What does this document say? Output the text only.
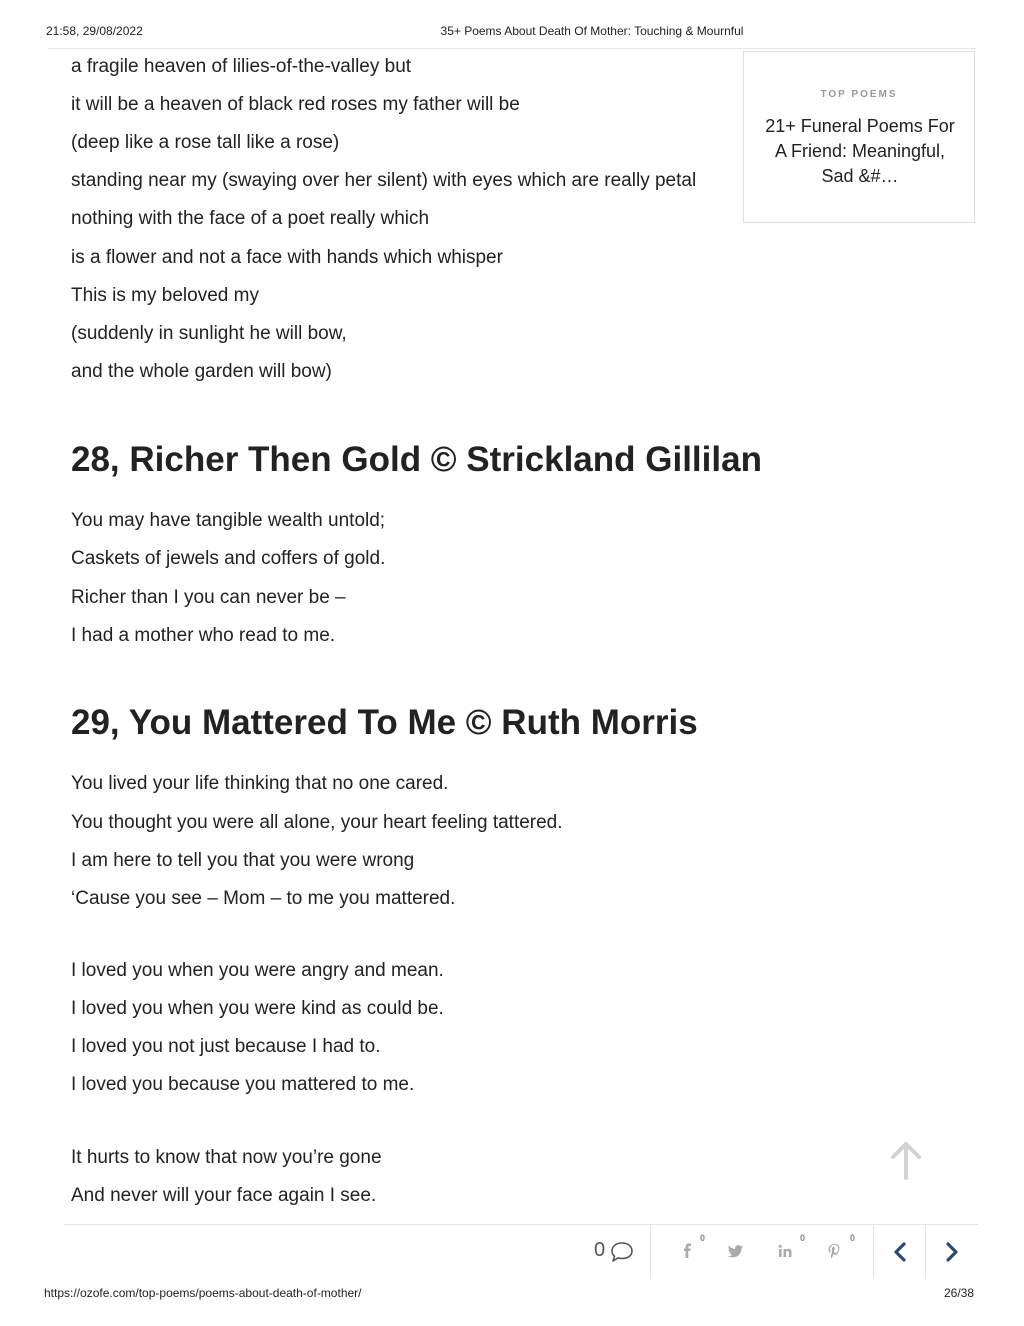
21:58, 29/08/2022	35+ Poems About Death Of Mother: Touching & Mournful
a fragile heaven of lilies-of-the-valley but
it will be a heaven of black red roses my father will be
(deep like a rose tall like a rose)
standing near my (swaying over her silent) with eyes which are really petal
nothing with the face of a poet really which
is a flower and not a face with hands which whisper
This is my beloved my
(suddenly in sunlight he will bow,
and the whole garden will bow)
TOP POEMS
21+ Funeral Poems For A Friend: Meaningful, Sad &#…
28, Richer Then Gold © Strickland Gillilan
You may have tangible wealth untold;
Caskets of jewels and coffers of gold.
Richer than I you can never be –
I had a mother who read to me.
29, You Mattered To Me © Ruth Morris
You lived your life thinking that no one cared.
You thought you were all alone, your heart feeling tattered.
I am here to tell you that you were wrong
‘Cause you see – Mom – to me you mattered.
I loved you when you were angry and mean.
I loved you when you were kind as could be.
I loved you not just because I had to.
I loved you because you mattered to me.
It hurts to know that now you’re gone
And never will your face again I see.
0
0	0	0
https://ozofe.com/top-poems/poems-about-death-of-mother/	26/38
